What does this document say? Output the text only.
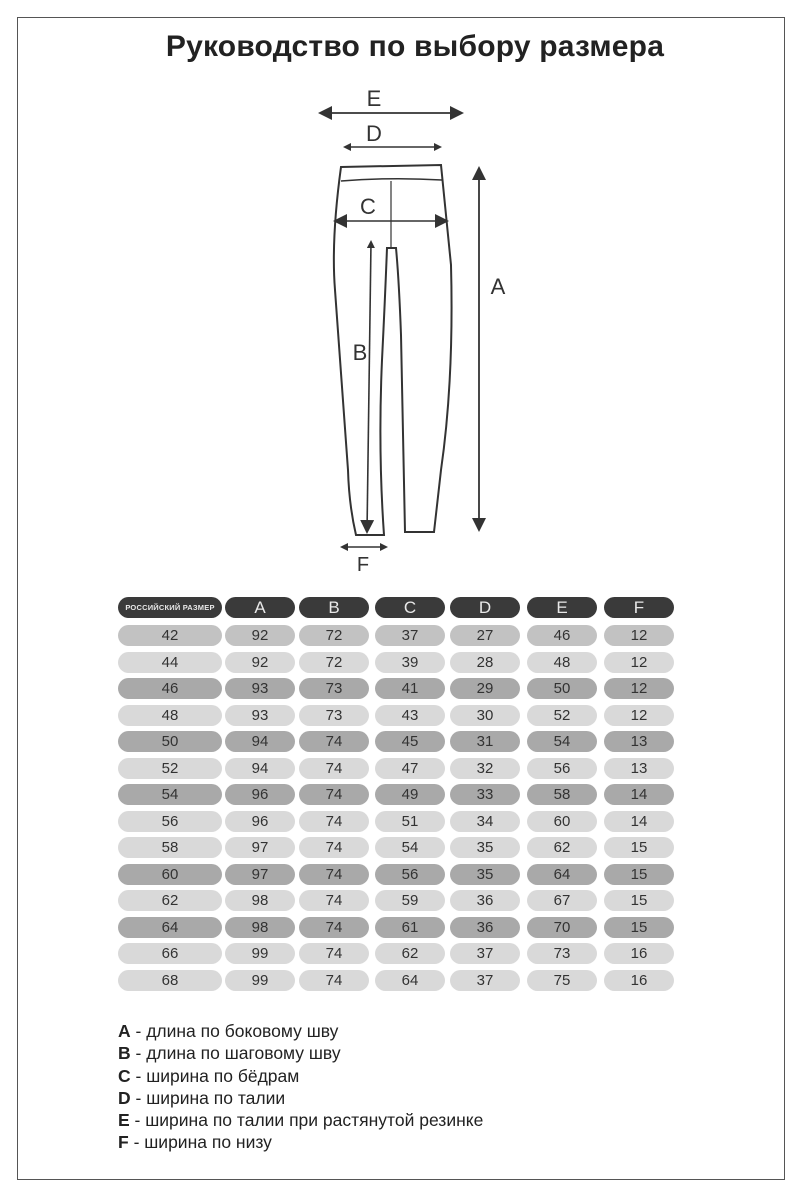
Руководство по выбору размера
E
D
C
A
B
F
РОССИЙСКИЙ РАЗМЕР	A	B	C	D	E	F
42	92	72	37	27	46	12
44	92	72	39	28	48	12
46	93	73	41	29	50	12
48	93	73	43	30	52	12
50	94	74	45	31	54	13
52	94	74	47	32	56	13
54	96	74	49	33	58	14
56	96	74	51	34	60	14
58	97	74	54	35	62	15
60	97	74	56	35	64	15
62	98	74	59	36	67	15
64	98	74	61	36	70	15
66	99	74	62	37	73	16
68	99	74	64	37	75	16
A - длина по боковому шву
B - длина по шаговому шву
C - ширина по бёдрам
D - ширина по талии
E - ширина по талии при растянутой резинке
F - ширина по низу
